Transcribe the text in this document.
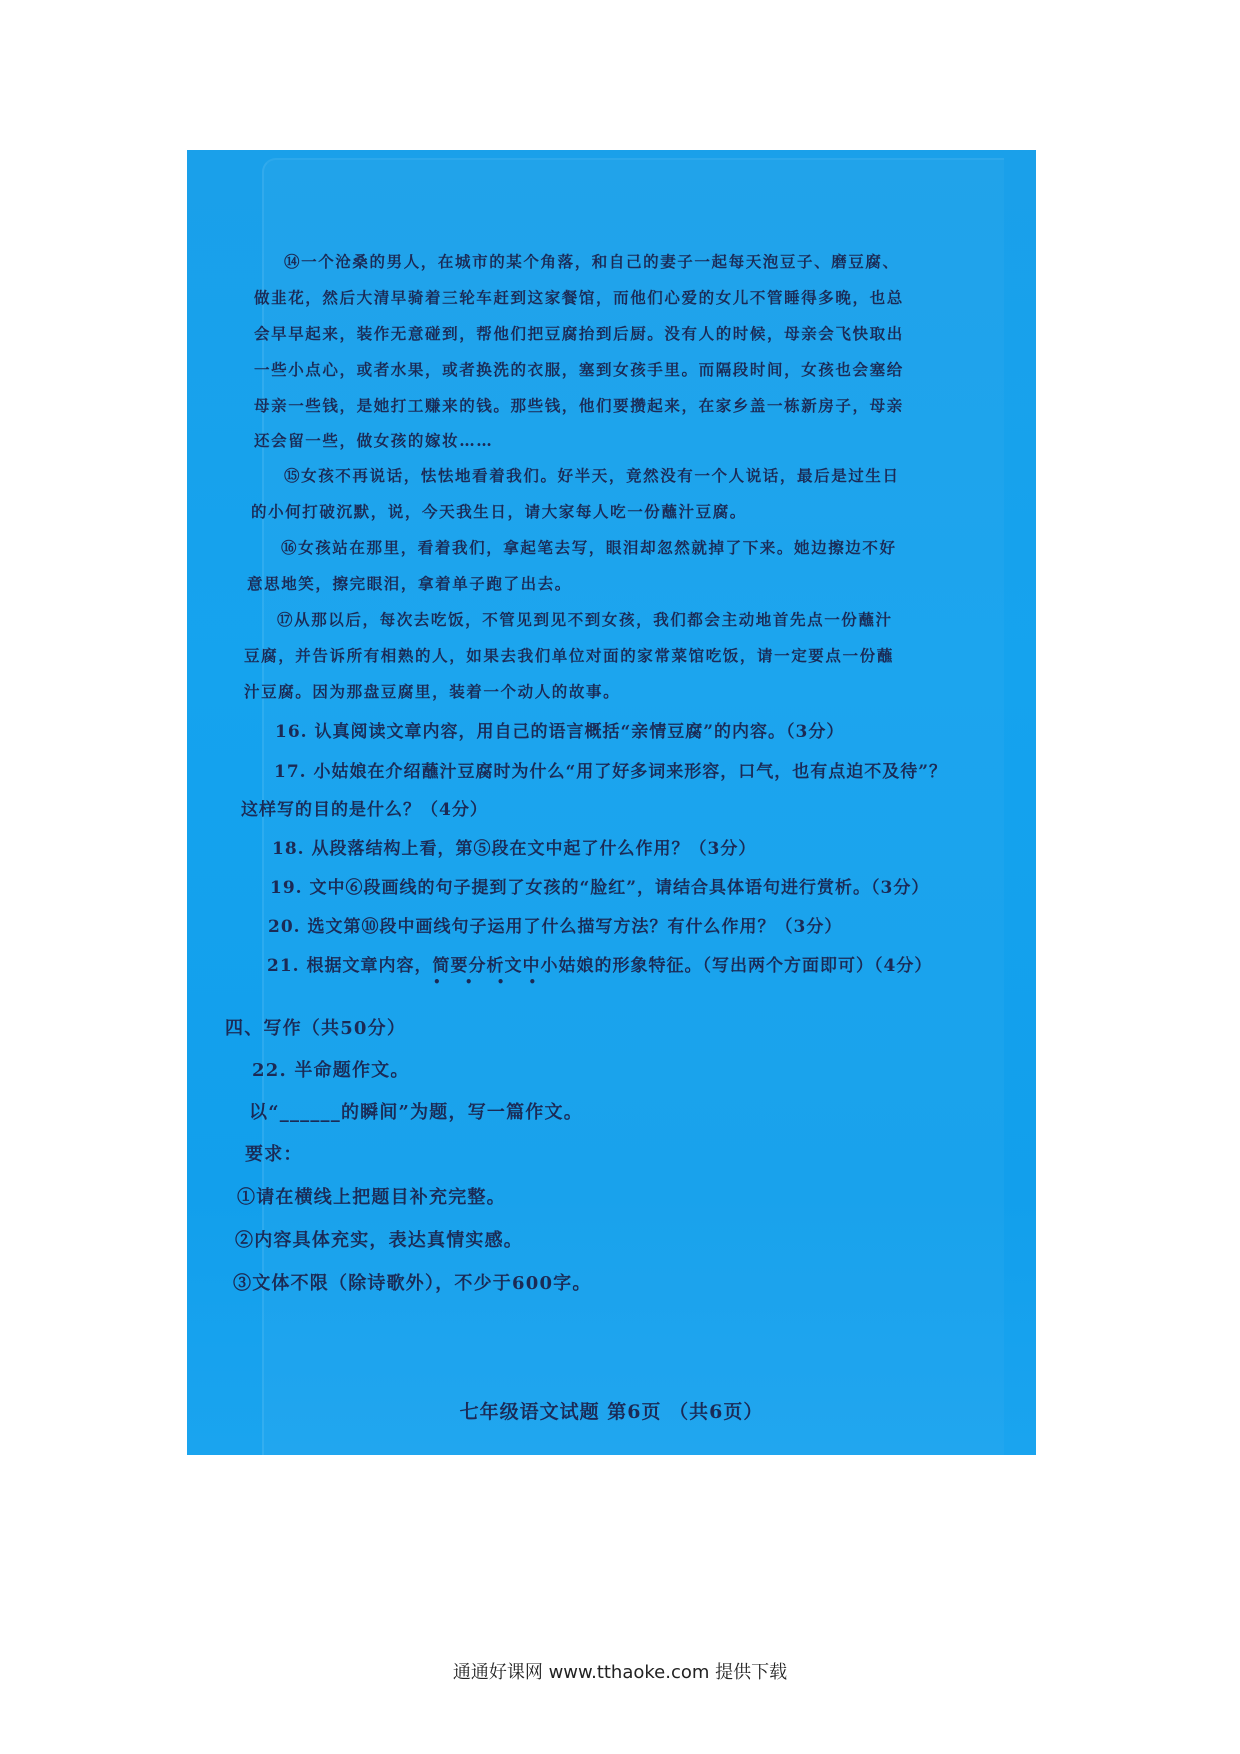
⑭一个沧桑的男人，在城市的某个角落，和自己的妻子一起每天泡豆子、磨豆腐、
做韭花，然后大清早骑着三轮车赶到这家餐馆，而他们心爱的女儿不管睡得多晚，也总
会早早起来，装作无意碰到，帮他们把豆腐抬到后厨。没有人的时候，母亲会飞快取出
一些小点心，或者水果，或者换洗的衣服，塞到女孩手里。而隔段时间，女孩也会塞给
母亲一些钱，是她打工赚来的钱。那些钱，他们要攒起来，在家乡盖一栋新房子，母亲
还会留一些，做女孩的嫁妆……
⑮女孩不再说话，怯怯地看着我们。好半天，竟然没有一个人说话，最后是过生日
的小何打破沉默，说，今天我生日，请大家每人吃一份蘸汁豆腐。
⑯女孩站在那里，看着我们，拿起笔去写，眼泪却忽然就掉了下来。她边擦边不好
意思地笑，擦完眼泪，拿着单子跑了出去。
⑰从那以后，每次去吃饭，不管见到见不到女孩，我们都会主动地首先点一份蘸汁
豆腐，并告诉所有相熟的人，如果去我们单位对面的家常菜馆吃饭，请一定要点一份蘸
汁豆腐。因为那盘豆腐里，装着一个动人的故事。
16. 认真阅读文章内容，用自己的语言概括“亲情豆腐”的内容。（3分）
17. 小姑娘在介绍蘸汁豆腐时为什么“用了好多词来形容，口气，也有点迫不及待”？
这样写的目的是什么？（4分）
18. 从段落结构上看，第⑤段在文中起了什么作用？（3分）
19. 文中⑥段画线的句子提到了女孩的“脸红”，请结合具体语句进行赏析。（3分）
20. 选文第⑩段中画线句子运用了什么描写方法？有什么作用？（3分）
21. 根据文章内容，简要分析文中小姑娘的形象特征。（写出两个方面即可）（4分）
• • • •
四、写作（共50分）
22. 半命题作文。
以“______的瞬间”为题，写一篇作文。
要求：
①请在横线上把题目补充完整。
②内容具体充实，表达真情实感。
③文体不限（除诗歌外），不少于600字。
七年级语文试题 第6页 （共6页）
通通好课网 www.tthaoke.com 提供下载
